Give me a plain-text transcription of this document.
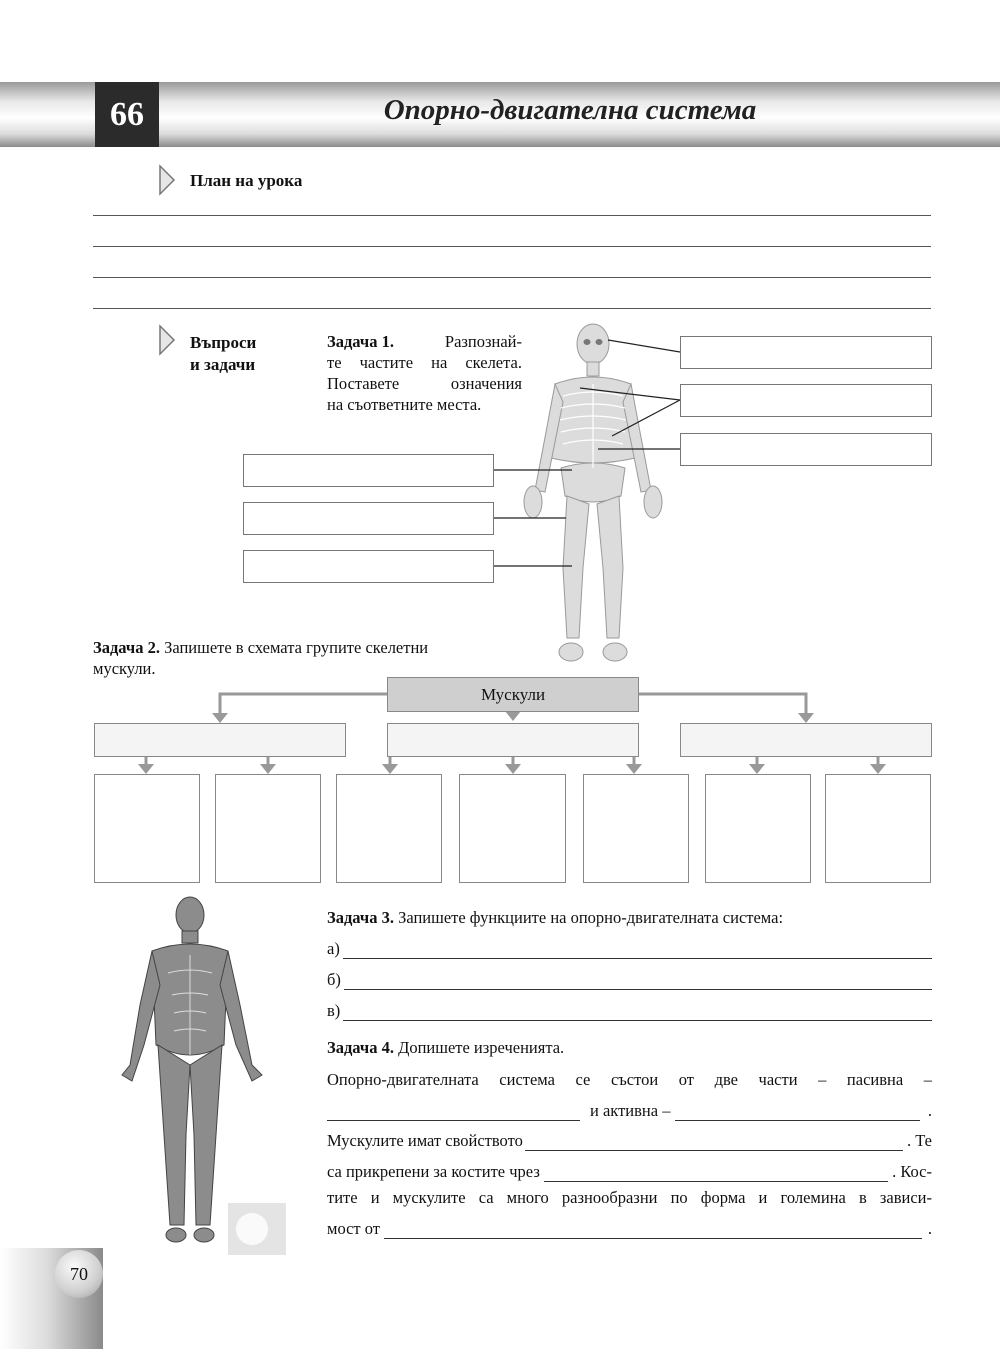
66	Опорно-двигателна система
План на урока
Въпроси
и задачи
Задача 1.	Разпознай-
те частите на скелета.
Поставете означения
на съответните места.
Задача 2. Запишете в схемата групите скелетни
мускули.
Мускули
Задача 3. Запишете функциите на опорно-двигателната система:
а)
б)
в)
Задача 4. Допишете изреченията.
Опорно-двигателната система се състои от две части – пасивна –
и активна –	.
Мускулите имат свойството	. Те
са прикрепени за костите чрез	. Кос-
тите и мускулите са много разнообразни по форма и големина в зависи-
мост от	.
70
